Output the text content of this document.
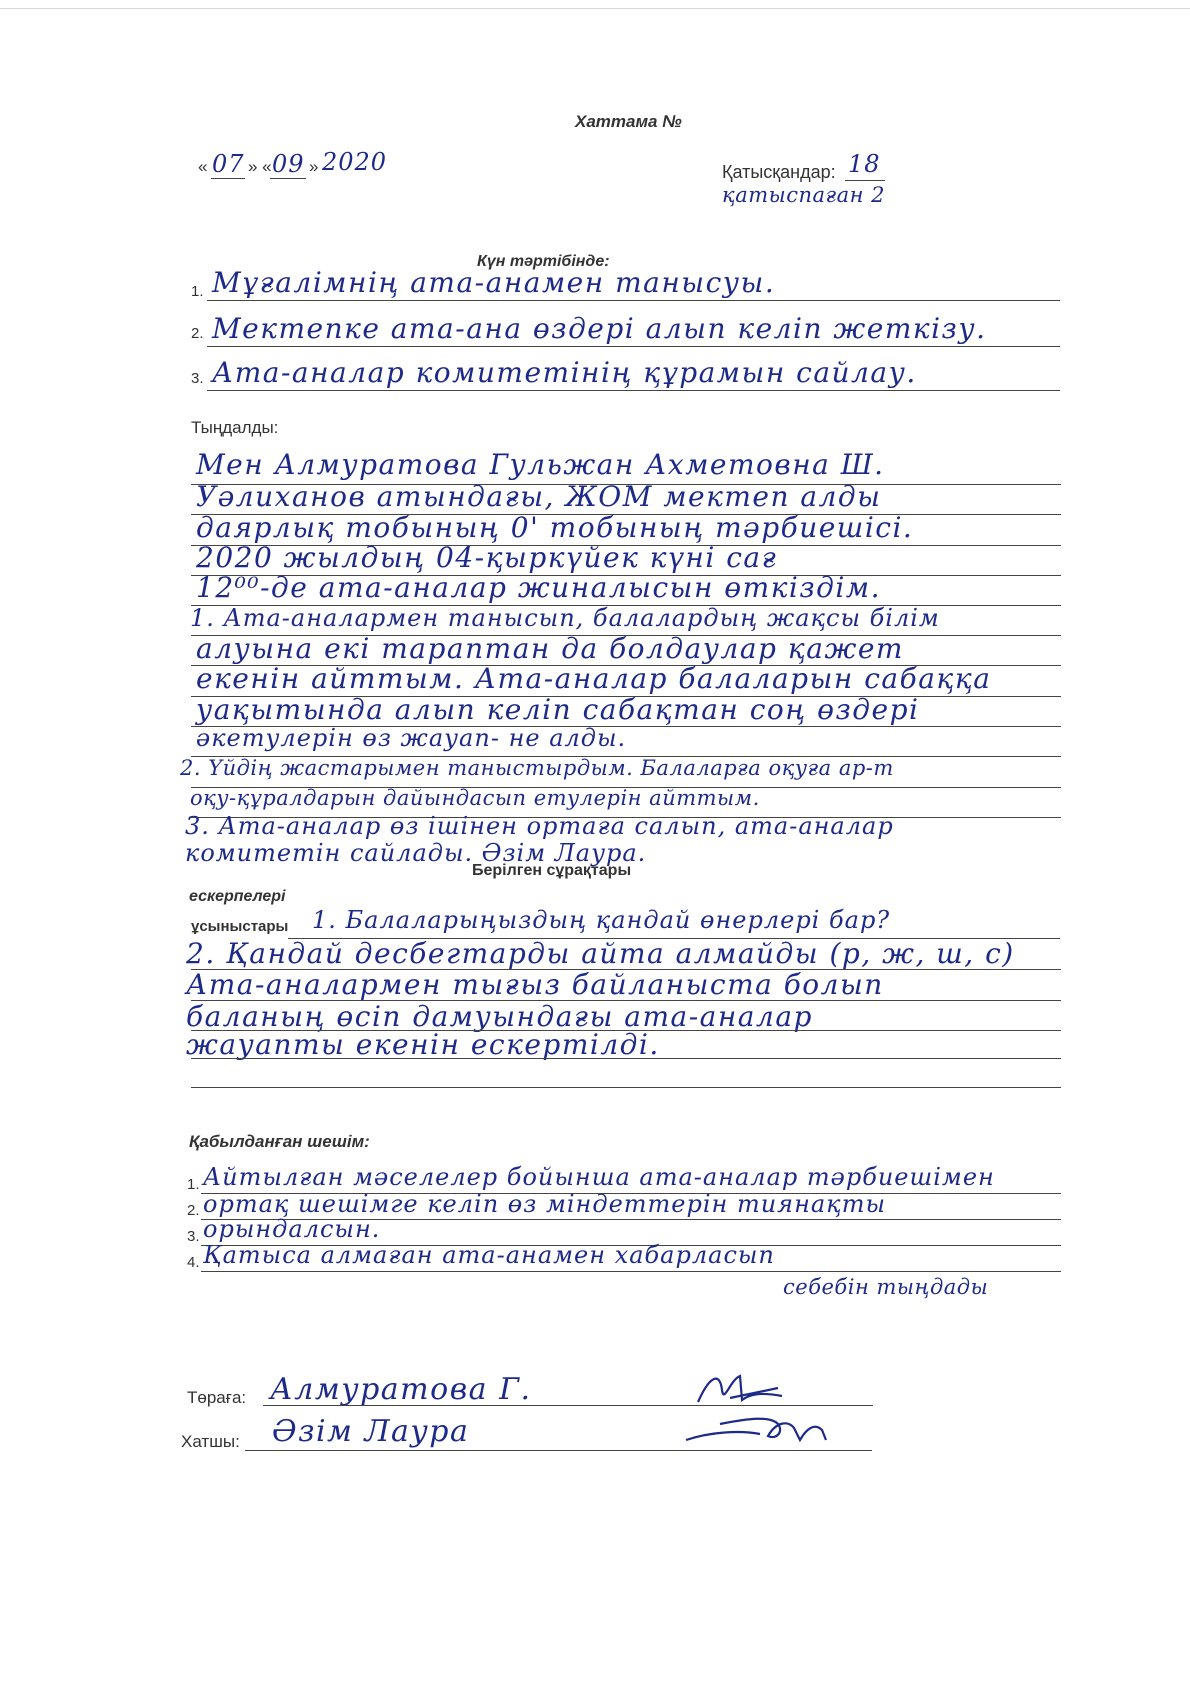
Хаттама №
« 07 » « 09 » 2020	Қатысқандар: 18
қатыспаған 2
Күн тәртібінде:
1. Мұғалімнің ата-анамен танысуы.
2. Мектепке ата-ана өздері алып келіп жеткізу.
3. Ата-аналар комитетінің құрамын сайлау.
Тыңдалды:
Мен Алмуратова Гульжан Ахметовна Ш.
Уәлиханов атындағы, ЖОМ мектеп алды
даярлық тобының 0' тобының тәрбиешісі.
2020 жылдың 04-қыркүйек күні сағ
12⁰⁰-де ата-аналар жиналысын өткіздім.
1. Ата-аналармен танысып, балалардың жақсы білім
алуына екі тараптан да болдаулар қажет
екенін айттым. Ата-аналар балаларын сабаққа
уақытында алып келіп сабақтан соң өздері
әкетулерін өз жауап- не алды.
2. Үйдің жастарымен таныстырдым. Балаларға оқуға ар-т
оқу-құралдарын дайындасып етулерін айттым.
3. Ата-аналар өз ішінен ортаға салып, ата-аналар
комитетін сайлады. Әзім Лаура.
Берілген сұрақтары
ескерпелері
ұсыныстары 1. Балаларыңыздың қандай өнерлері бар?
2. Қандай десбегтарды айта алмайды (р, ж, ш, с)
Ата-аналармен тығыз байланыста болып
баланың өсіп дамуындағы ата-аналар
жауапты екенін ескертілді.
Қабылданған шешім:
1. Айтылған мәселелер бойынша ата-аналар тәрбиешімен
2. ортақ шешімге келіп өз міндеттерін тиянақты
3. орындалсын.
4. Қатыса алмаған ата-анамен хабарласып
себебін тыңдады
Төраға: Алмуратова Г.
Хатшы: Әзім Лаура
